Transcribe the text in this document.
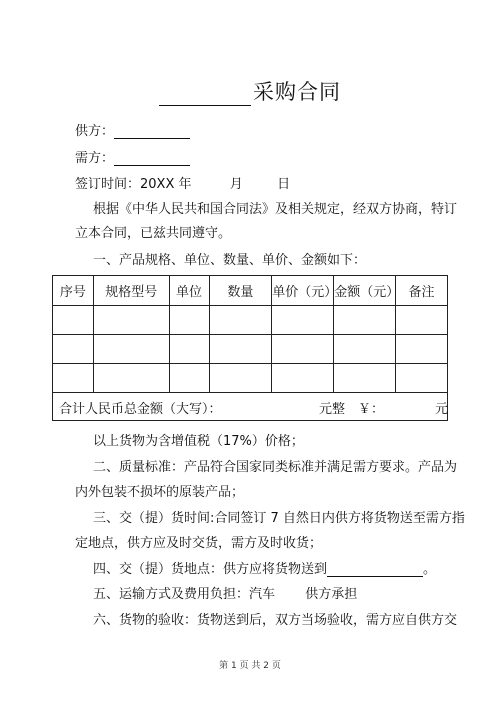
采购合同
供方：
需方：
签订时间：20XX 年	月	日
根据《中华人民共和国合同法》及相关规定，经双方协商，特订
立本合同，已兹共同遵守。
一、产品规格、单位、数量、单价、金额如下：
序号	规格型号	单位	数量	单价（元）	金额（元）	备注

合计人民币总金额（大写）：	元整　￥：	元
以上货物为含增值税（17%）价格；
二、质量标准：产品符合国家同类标准并满足需方要求。产品为
内外包装不损坏的原装产品；
三、交（提）货时间:合同签订 7 自然日内供方将货物送至需方指
定地点，供方应及时交货，需方及时收货；
四、交（提）货地点：供方应将货物送到	。
五、运输方式及费用负担：汽车 供方承担
六、货物的验收：货物送到后，双方当场验收，需方应自供方交
第 1 页 共 2 页
